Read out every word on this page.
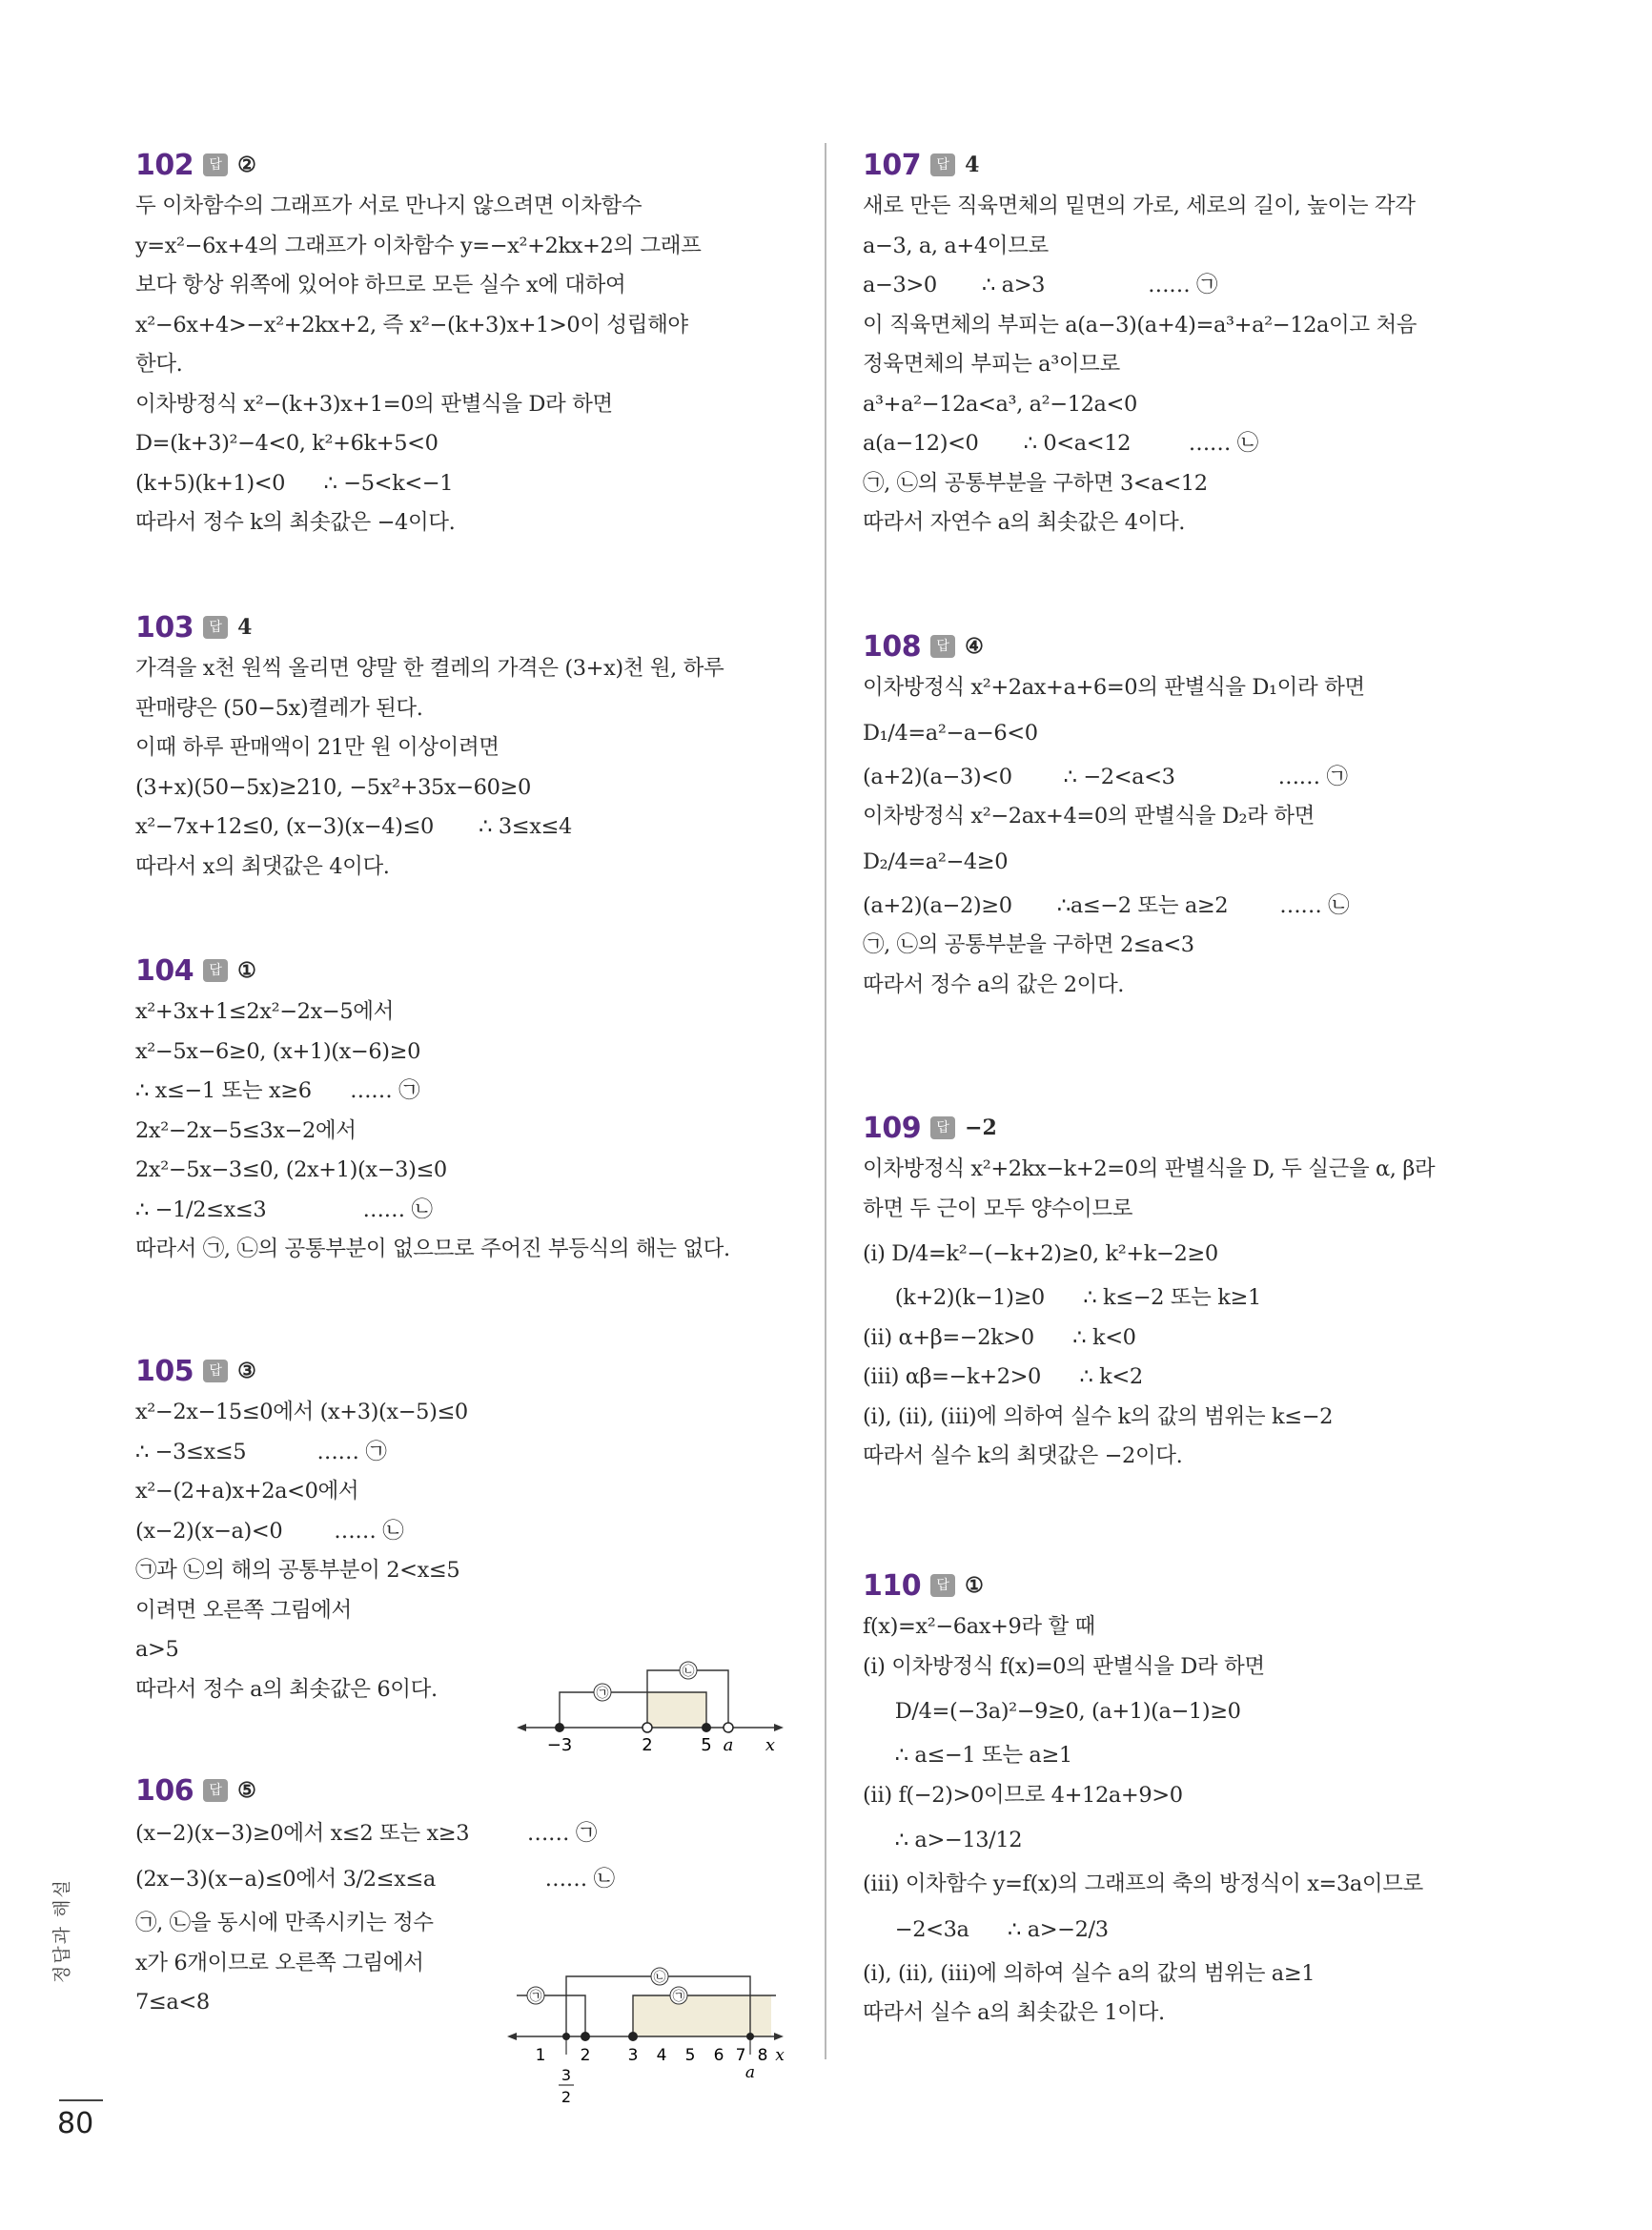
102	답 ②
두 이차함수의 그래프가 서로 만나지 않으려면 이차함수
y=x²−6x+4의 그래프가 이차함수 y=−x²+2kx+2의 그래프
보다 항상 위쪽에 있어야 하므로 모든 실수 x에 대하여
x²−6x+4>−x²+2kx+2, 즉 x²−(k+3)x+1>0이 성립해야
한다.
이차방정식 x²−(k+3)x+1=0의 판별식을 D라 하면
D=(k+3)²−4<0, k²+6k+5<0
(k+5)(k+1)<0      ∴ −5<k<−1
따라서 정수 k의 최솟값은 −4이다.
103	답 4
가격을 x천 원씩 올리면 양말 한 켤레의 가격은 (3+x)천 원, 하루
판매량은 (50−5x)켤레가 된다.
이때 하루 판매액이 21만 원 이상이려면
(3+x)(50−5x)≥210, −5x²+35x−60≥0
x²−7x+12≤0, (x−3)(x−4)≤0       ∴ 3≤x≤4
따라서 x의 최댓값은 4이다.
104	답 ①
x²+3x+1≤2x²−2x−5에서
x²−5x−6≥0, (x+1)(x−6)≥0
∴ x≤−1 또는 x≥6      …… ㉠
2x²−2x−5≤3x−2에서
2x²−5x−3≤0, (2x+1)(x−3)≤0
∴ −1/2≤x≤3               …… ㉡
따라서 ㉠, ㉡의 공통부분이 없으므로 주어진 부등식의 해는 없다.
105	답 ③
x²−2x−15≤0에서 (x+3)(x−5)≤0
∴ −3≤x≤5           …… ㉠
x²−(2+a)x+2a<0에서
(x−2)(x−a)<0        …… ㉡
㉠과 ㉡의 해의 공통부분이 2<x≤5
이려면 오른쪽 그림에서
a>5
따라서 정수 a의 최솟값은 6이다.	㉠
㉡
−3	2	5 a x
106	답 ⑤
(x−2)(x−3)≥0에서 x≤2 또는 x≥3         …… ㉠
(2x−3)(x−a)≤0에서 3/2≤x≤a                 …… ㉡
㉠, ㉡을 동시에 만족시키는 정수
x가 6개이므로 오른쪽 그림에서
7≤a<8	㉠
㉡
㉠
1 2 3 4 5 6 7 8 x
a
3
2
107	답 4
새로 만든 직육면체의 밑면의 가로, 세로의 길이, 높이는 각각
a−3, a, a+4이므로
a−3>0       ∴ a>3                …… ㉠
이 직육면체의 부피는 a(a−3)(a+4)=a³+a²−12a이고 처음
정육면체의 부피는 a³이므로
a³+a²−12a<a³, a²−12a<0
a(a−12)<0       ∴ 0<a<12         …… ㉡
㉠, ㉡의 공통부분을 구하면 3<a<12
따라서 자연수 a의 최솟값은 4이다.
108	답 ④
이차방정식 x²+2ax+a+6=0의 판별식을 D₁이라 하면
D₁/4=a²−a−6<0
(a+2)(a−3)<0        ∴ −2<a<3                …… ㉠
이차방정식 x²−2ax+4=0의 판별식을 D₂라 하면
D₂/4=a²−4≥0
(a+2)(a−2)≥0       ∴a≤−2 또는 a≥2        …… ㉡
㉠, ㉡의 공통부분을 구하면 2≤a<3
따라서 정수 a의 값은 2이다.
109	답 −2
이차방정식 x²+2kx−k+2=0의 판별식을 D, 두 실근을 α, β라
하면 두 근이 모두 양수이므로
(ⅰ) D/4=k²−(−k+2)≥0, k²+k−2≥0
(k+2)(k−1)≥0      ∴ k≤−2 또는 k≥1
(ⅱ) α+β=−2k>0      ∴ k<0
(ⅲ) αβ=−k+2>0      ∴ k<2
(ⅰ), (ⅱ), (ⅲ)에 의하여 실수 k의 값의 범위는 k≤−2
따라서 실수 k의 최댓값은 −2이다.
110	답 ①
f(x)=x²−6ax+9라 할 때
(ⅰ) 이차방정식 f(x)=0의 판별식을 D라 하면
D/4=(−3a)²−9≥0, (a+1)(a−1)≥0
∴ a≤−1 또는 a≥1
(ⅱ) f(−2)>0이므로 4+12a+9>0
∴ a>−13/12
(ⅲ) 이차함수 y=f(x)의 그래프의 축의 방정식이 x=3a이므로
−2<3a      ∴ a>−2/3
(ⅰ), (ⅱ), (ⅲ)에 의하여 실수 a의 값의 범위는 a≥1
따라서 실수 a의 최솟값은 1이다.
정답과 해설
80
